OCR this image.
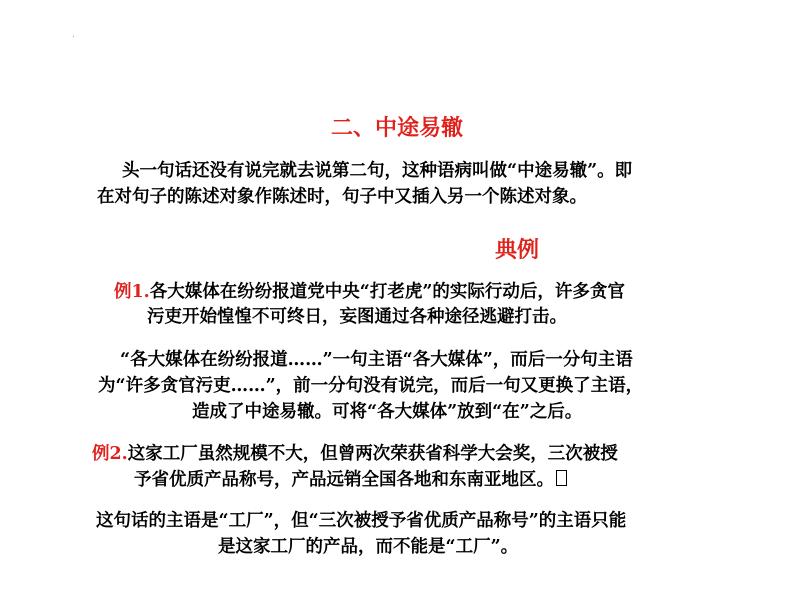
.
二、中途易辙
头一句话还没有说完就去说第二句，这种语病叫做“中途易辙”。即
在对句子的陈述对象作陈述时，句子中又插入另一个陈述对象。
典例
例1.各大媒体在纷纷报道党中央“打老虎”的实际行动后，许多贪官
污吏开始惶惶不可终日，妄图通过各种途径逃避打击。
“各大媒体在纷纷报道……”一句主语“各大媒体”，而后一分句主语
为“许多贪官污吏……”，前一分句没有说完，而后一句又更换了主语，
造成了中途易辙。可将“各大媒体”放到“在”之后。
例2.这家工厂虽然规模不大，但曾两次荣获省科学大会奖，三次被授
予省优质产品称号，产品远销全国各地和东南亚地区。
这句话的主语是“工厂”，但“三次被授予省优质产品称号”的主语只能
是这家工厂的产品，而不能是“工厂”。
